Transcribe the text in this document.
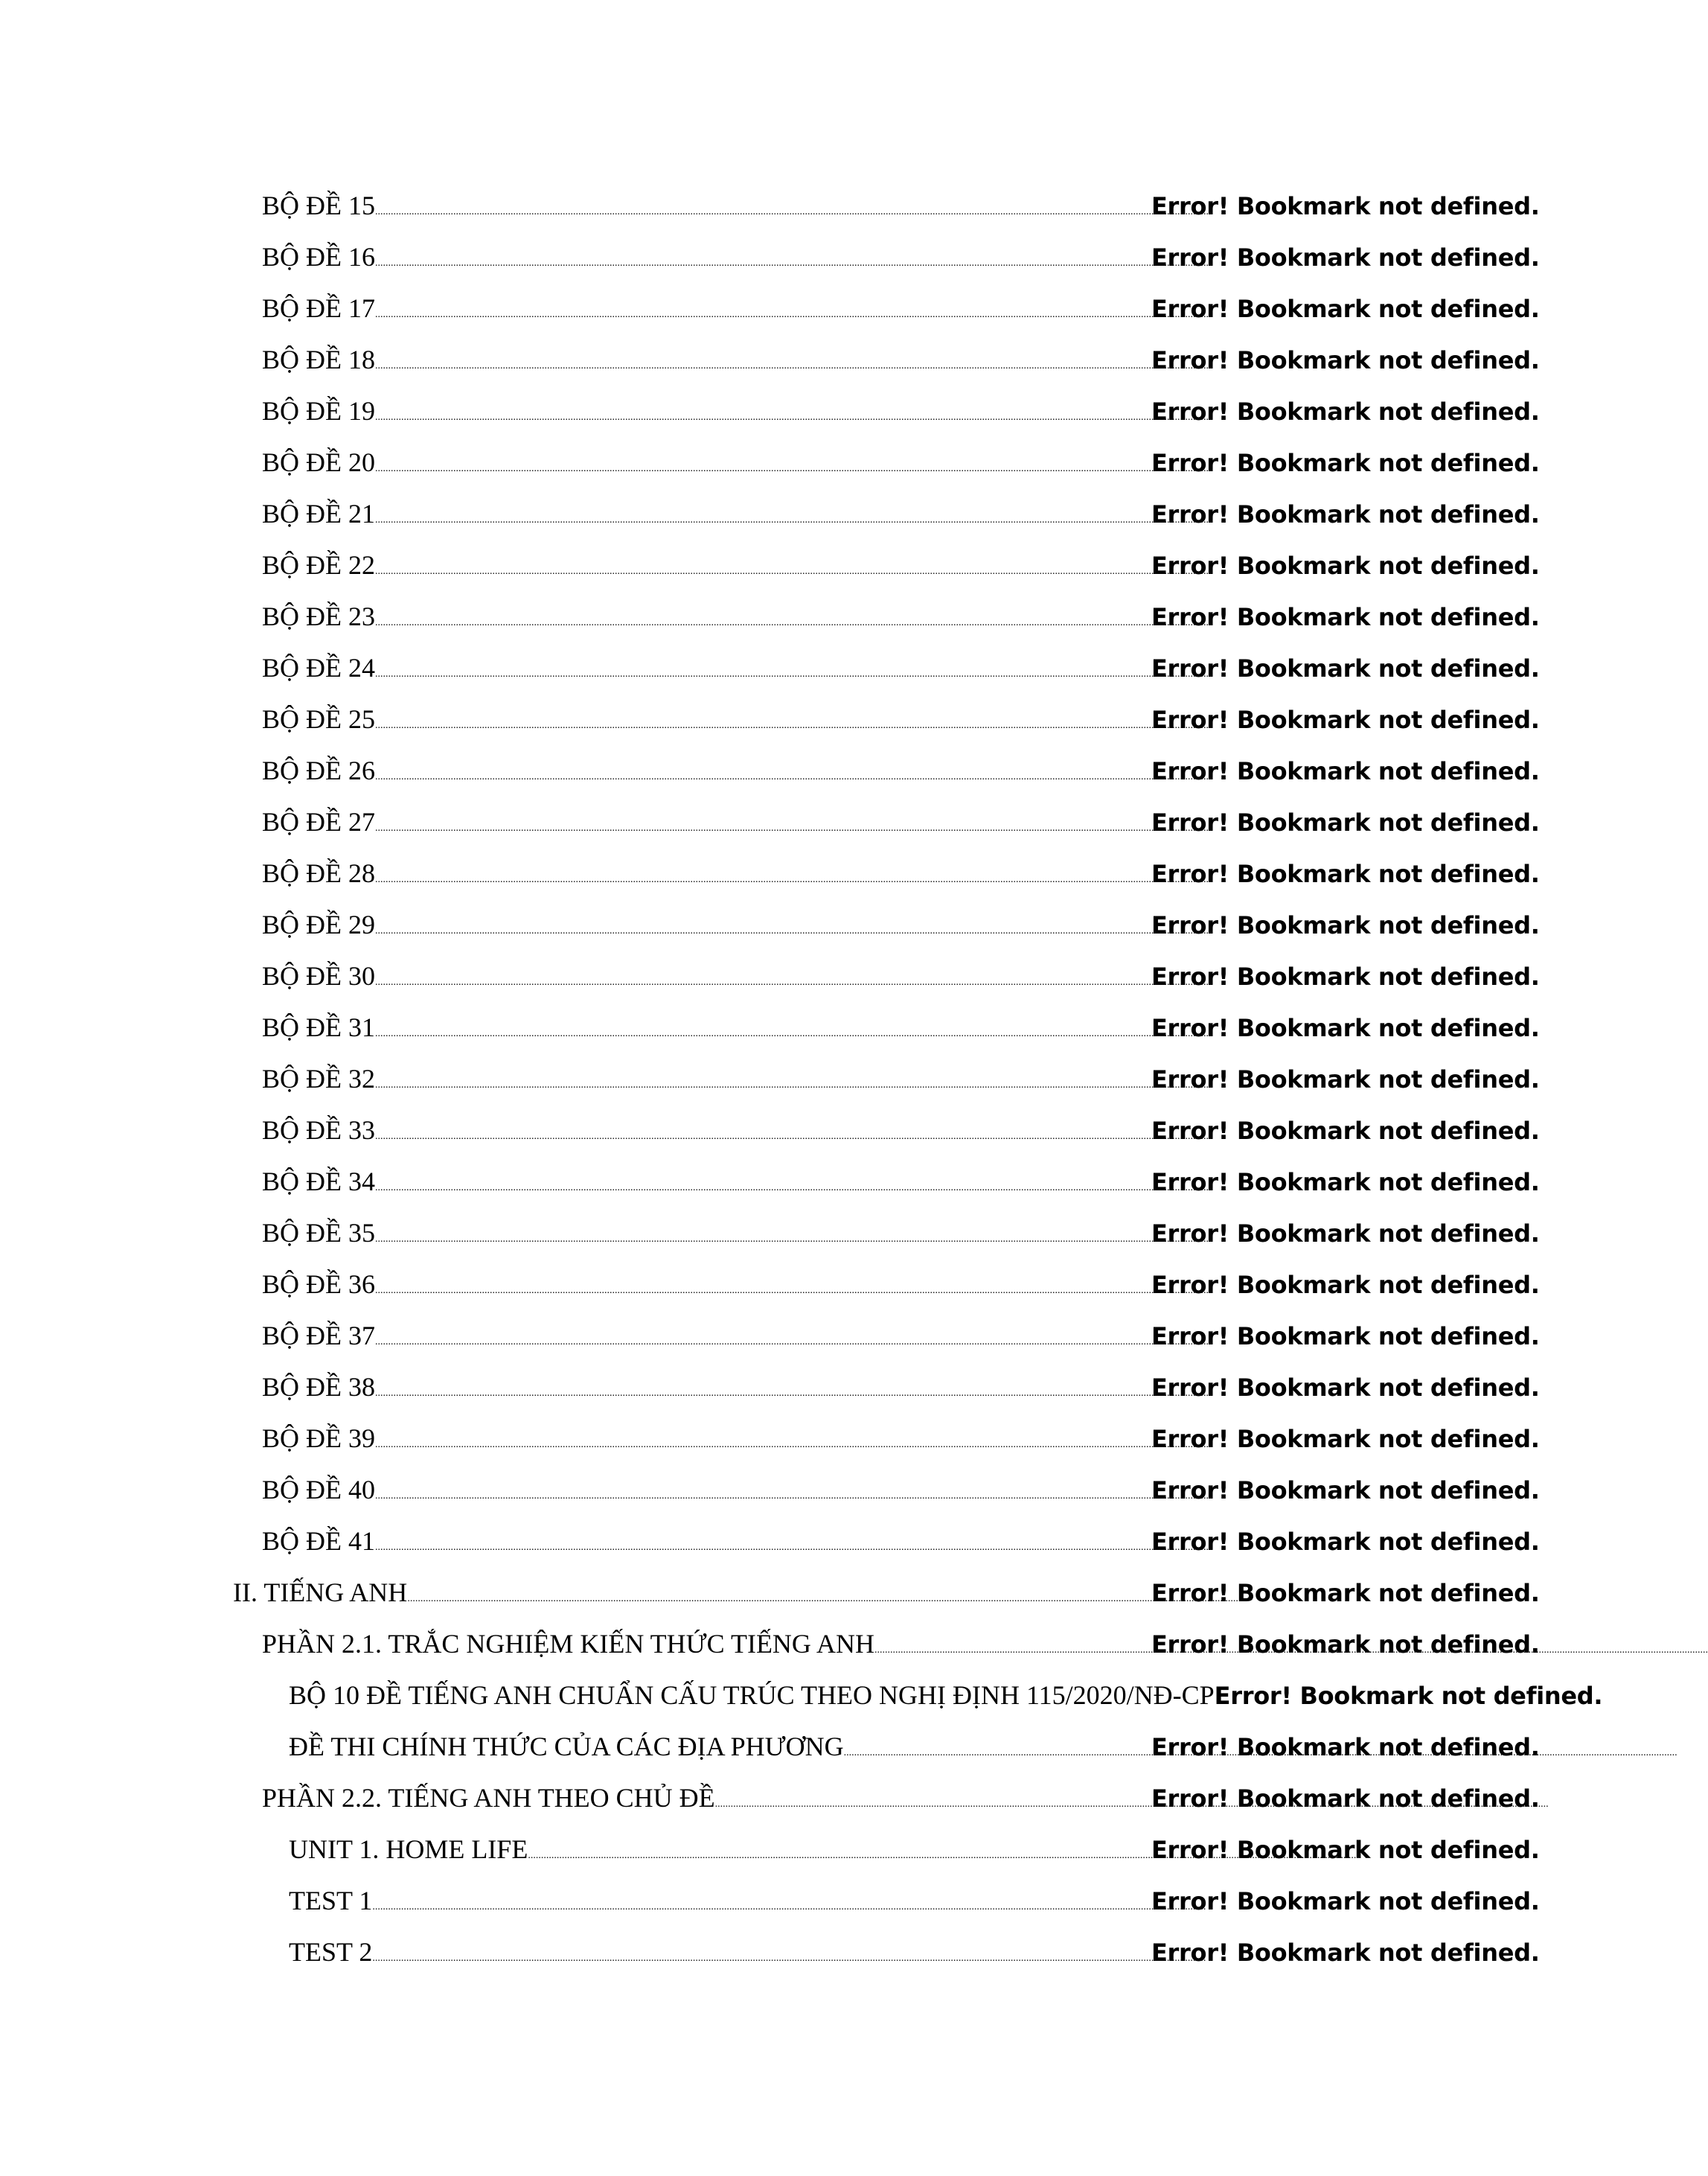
BỘ ĐỀ 15 .....	Error! Bookmark not defined.
BỘ ĐỀ 16 .....	Error! Bookmark not defined.
BỘ ĐỀ 17 .....	Error! Bookmark not defined.
BỘ ĐỀ 18 .....	Error! Bookmark not defined.
BỘ ĐỀ 19 .....	Error! Bookmark not defined.
BỘ ĐỀ 20 .....	Error! Bookmark not defined.
BỘ ĐỀ 21 .....	Error! Bookmark not defined.
BỘ ĐỀ 22 .....	Error! Bookmark not defined.
BỘ ĐỀ 23 .....	Error! Bookmark not defined.
BỘ ĐỀ 24 .....	Error! Bookmark not defined.
BỘ ĐỀ 25 .....	Error! Bookmark not defined.
BỘ ĐỀ 26 .....	Error! Bookmark not defined.
BỘ ĐỀ 27 .....	Error! Bookmark not defined.
BỘ ĐỀ 28 .....	Error! Bookmark not defined.
BỘ ĐỀ 29 .....	Error! Bookmark not defined.
BỘ ĐỀ 30 .....	Error! Bookmark not defined.
BỘ ĐỀ 31 .....	Error! Bookmark not defined.
BỘ ĐỀ 32 .....	Error! Bookmark not defined.
BỘ ĐỀ 33 .....	Error! Bookmark not defined.
BỘ ĐỀ 34 .....	Error! Bookmark not defined.
BỘ ĐỀ 35 .....	Error! Bookmark not defined.
BỘ ĐỀ 36 .....	Error! Bookmark not defined.
BỘ ĐỀ 37 .....	Error! Bookmark not defined.
BỘ ĐỀ 38 .....	Error! Bookmark not defined.
BỘ ĐỀ 39 .....	Error! Bookmark not defined.
BỘ ĐỀ 40 .....	Error! Bookmark not defined.
BỘ ĐỀ 41 .....	Error! Bookmark not defined.
II. TIẾNG ANH .....	Error! Bookmark not defined.
PHẦN 2.1. TRẮC NGHIỆM KIẾN THỨC TIẾNG ANH .....	Error! Bookmark not defined.
BỘ 10 ĐỀ TIẾNG ANH CHUẨN CẤU TRÚC THEO NGHỊ ĐỊNH 115/2020/NĐ-CP Error! Bookmark not defined.
ĐỀ THI CHÍNH THỨC CỦA CÁC ĐỊA PHƯƠNG .....	Error! Bookmark not defined.
PHẦN 2.2. TIẾNG ANH THEO CHỦ ĐỀ .....	Error! Bookmark not defined.
UNIT 1. HOME LIFE .....	Error! Bookmark not defined.
TEST 1 .....	Error! Bookmark not defined.
TEST 2 .....	Error! Bookmark not defined.
